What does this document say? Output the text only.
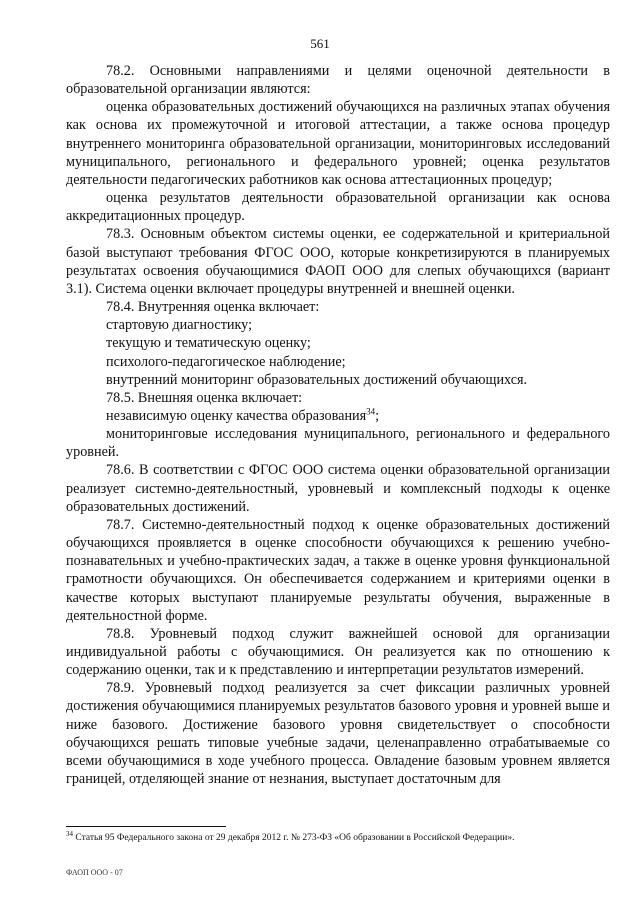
561

78.2. Основными направлениями и целями оценочной деятельности в образовательной организации являются:

оценка образовательных достижений обучающихся на различных этапах обучения как основа их промежуточной и итоговой аттестации, а также основа процедур внутреннего мониторинга образовательной организации, мониторинговых исследований муниципального, регионального и федерального уровней; оценка результатов деятельности педагогических работников как основа аттестационных процедур;

оценка результатов деятельности образовательной организации как основа аккредитационных процедур.

78.3. Основным объектом системы оценки, ее содержательной и критериальной базой выступают требования ФГОС ООО, которые конкретизируются в планируемых результатах освоения обучающимися ФАОП ООО для слепых обучающихся (вариант 3.1). Система оценки включает процедуры внутренней и внешней оценки.

78.4. Внутренняя оценка включает:

стартовую диагностику;

текущую и тематическую оценку;

психолого-педагогическое наблюдение;

внутренний мониторинг образовательных достижений обучающихся.

78.5. Внешняя оценка включает:

независимую оценку качества образования$^{34}$;

мониторинговые исследования муниципального, регионального и федерального уровней.

78.6. В соответствии с ФГОС ООО система оценки образовательной организации реализует системно-деятельностный, уровневый и комплексный подходы к оценке образовательных достижений.

78.7. Системно-деятельностный подход к оценке образовательных достижений обучающихся проявляется в оценке способности обучающихся к решению учебно-познавательных и учебно-практических задач, а также в оценке уровня функциональной грамотности обучающихся. Он обеспечивается содержанием и критериями оценки в качестве которых выступают планируемые результаты обучения, выраженные в деятельностной форме.

78.8. Уровневый подход служит важнейшей основой для организации индивидуальной работы с обучающимися. Он реализуется как по отношению к содержанию оценки, так и к представлению и интерпретации результатов измерений.

78.9. Уровневый подход реализуется за счет фиксации различных уровней достижения обучающимися планируемых результатов базового уровня и уровней выше и ниже базового. Достижение базового уровня свидетельствует о способности обучающихся решать типовые учебные задачи, целенаправленно отрабатываемые со всеми обучающимися в ходе учебного процесса. Овладение базовым уровнем является границей, отделяющей знание от незнания, выступает достаточным для

$^{34}$ Статья 95 Федерального закона от 29 декабря 2012 г. № 273-ФЗ «Об образовании в Российской Федерации».
ФАОП ООО - 07
